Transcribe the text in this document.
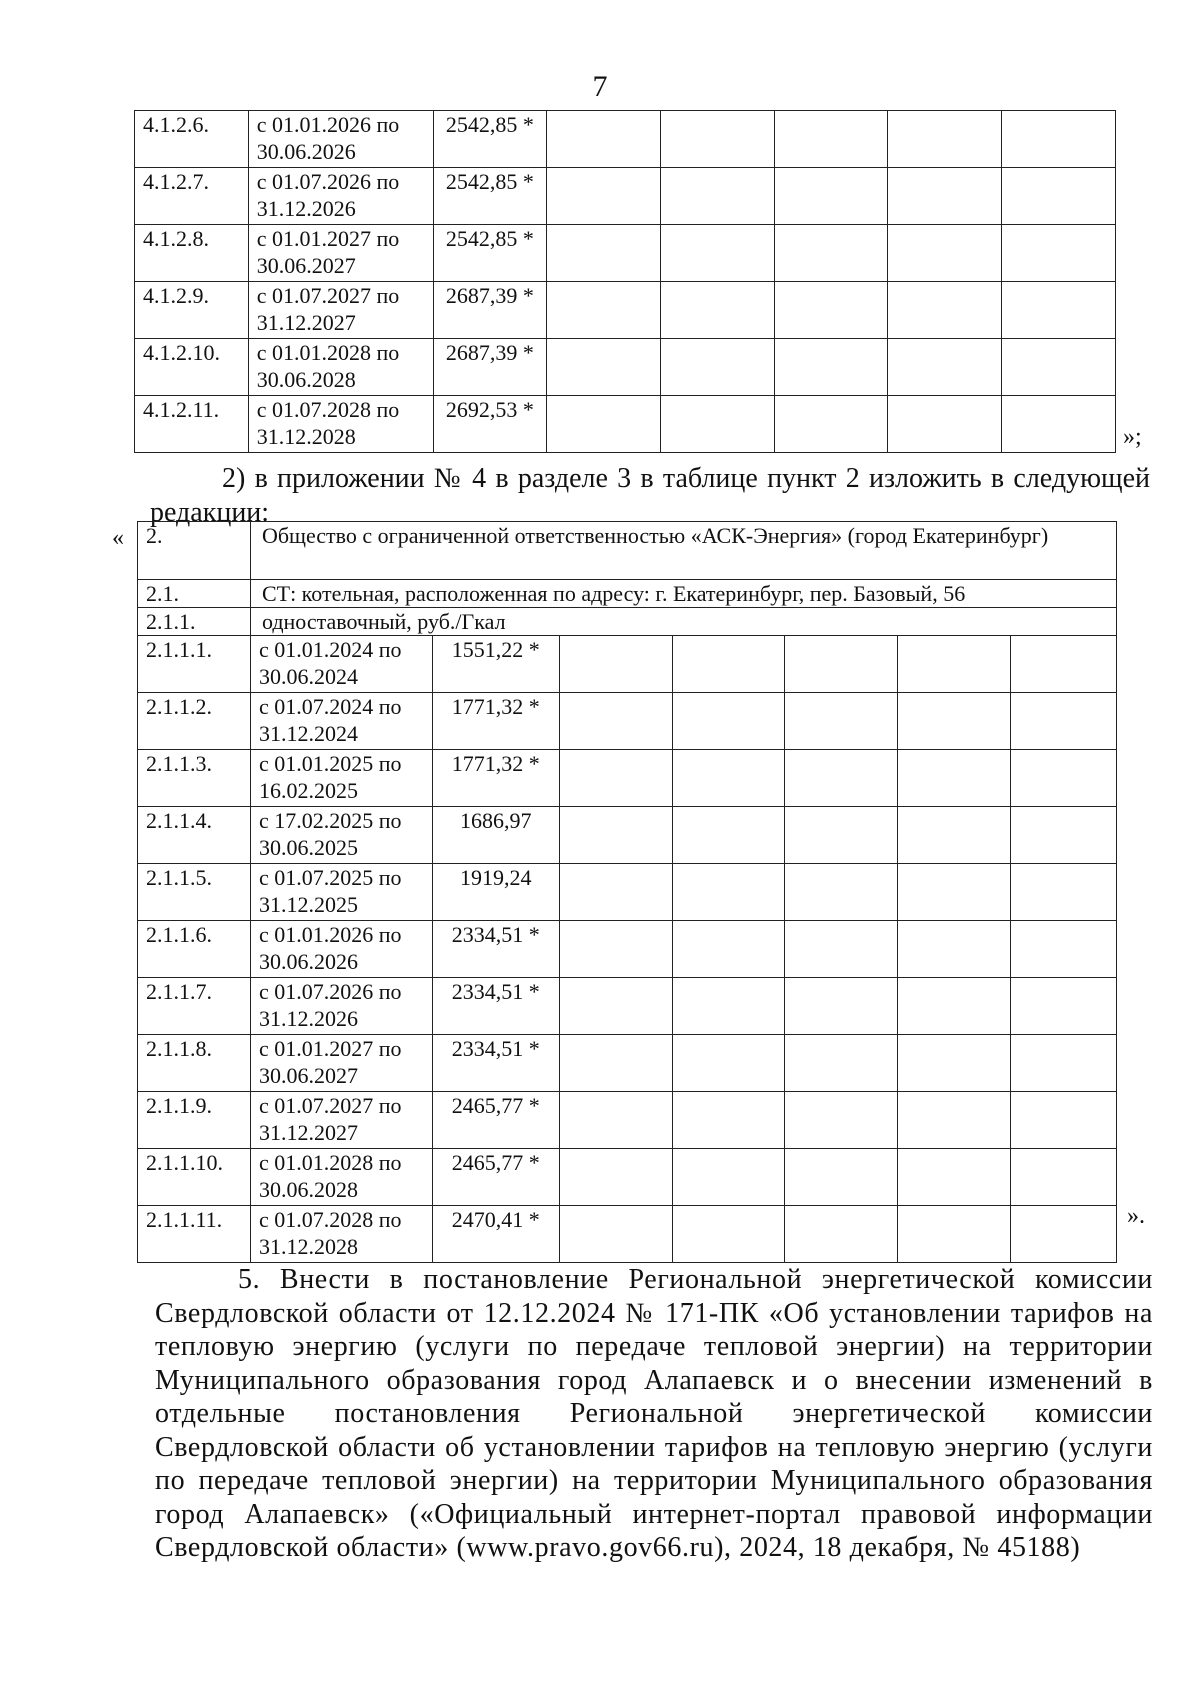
7
4.1.2.6.	с 01.01.2026 по 30.06.2026	2542,85 *					
4.1.2.7.	с 01.07.2026 по 31.12.2026	2542,85 *					
4.1.2.8.	с 01.01.2027 по 30.06.2027	2542,85 *					
4.1.2.9.	с 01.07.2027 по 31.12.2027	2687,39 *					
4.1.2.10.	с 01.01.2028 по 30.06.2028	2687,39 *					
4.1.2.11.	с 01.07.2028 по 31.12.2028	2692,53 *					
»;
2) в приложении № 4 в разделе 3 в таблице пункт 2 изложить в следующей редакции:
« 2.	Общество с ограниченной ответственностью «АСК-Энергия» (город Екатеринбург)						
2.1.	СТ: котельная, расположенная по адресу: г. Екатеринбург, пер. Базовый, 56						
2.1.1.	одноставочный, руб./Гкал						
2.1.1.1.	с 01.01.2024 по 30.06.2024	1551,22 *					
2.1.1.2.	с 01.07.2024 по 31.12.2024	1771,32 *					
2.1.1.3.	с 01.01.2025 по 16.02.2025	1771,32 *					
2.1.1.4.	с 17.02.2025 по 30.06.2025	1686,97					
2.1.1.5.	с 01.07.2025 по 31.12.2025	1919,24					
2.1.1.6.	с 01.01.2026 по 30.06.2026	2334,51 *					
2.1.1.7.	с 01.07.2026 по 31.12.2026	2334,51 *					
2.1.1.8.	с 01.01.2027 по 30.06.2027	2334,51 *					
2.1.1.9.	с 01.07.2027 по 31.12.2027	2465,77 *					
2.1.1.10.	с 01.01.2028 по 30.06.2028	2465,77 *					
2.1.1.11.	с 01.07.2028 по 31.12.2028	2470,41 *						».
5. Внести в постановление Региональной энергетической комиссии Свердловской области от 12.12.2024 № 171-ПК «Об установлении тарифов на тепловую энергию (услуги по передаче тепловой энергии) на территории Муниципального образования город Алапаевск и о внесении изменений в отдельные постановления Региональной энергетической комиссии Свердловской области об установлении тарифов на тепловую энергию (услуги по передаче тепловой энергии) на территории Муниципального образования город Алапаевск» («Официальный интернет-портал правовой информации Свердловской области» (www.pravo.gov66.ru), 2024, 18 декабря, № 45188)
